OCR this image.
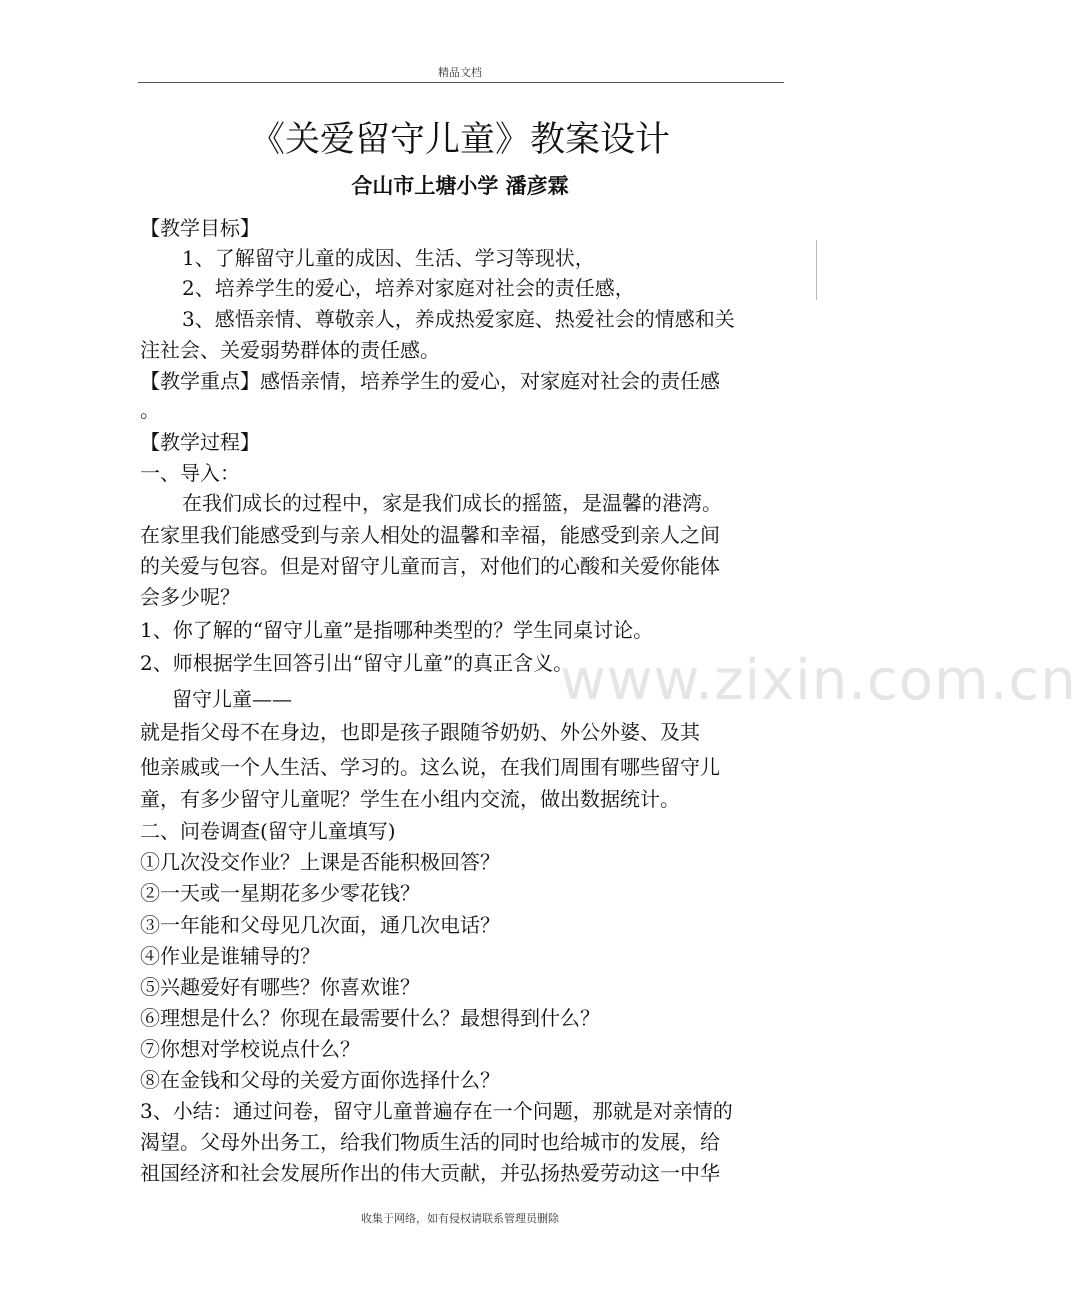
精品文档
《关爱留守儿童》教案设计
合山市上塘小学 潘彦霖
【教学目标】
1、了解留守儿童的成因、生活、学习等现状，
2、培养学生的爱心，培养对家庭对社会的责任感，
3、感悟亲情、尊敬亲人，养成热爱家庭、热爱社会的情感和关
注社会、关爱弱势群体的责任感。
【教学重点】感悟亲情，培养学生的爱心，对家庭对社会的责任感
。
【教学过程】
一、导入：
在我们成长的过程中，家是我们成长的摇篮，是温馨的港湾。
在家里我们能感受到与亲人相处的温馨和幸福，能感受到亲人之间
的关爱与包容。但是对留守儿童而言，对他们的心酸和关爱你能体
会多少呢？
1、你了解的“留守儿童”是指哪种类型的？学生同桌讨论。
2、师根据学生回答引出“留守儿童”的真正含义。
留守儿童——
就是指父母不在身边，也即是孩子跟随爷奶奶、外公外婆、及其
他亲戚或一个人生活、学习的。这么说，在我们周围有哪些留守儿
童，有多少留守儿童呢？学生在小组内交流，做出数据统计。
二、问卷调查(留守儿童填写)
①几次没交作业？上课是否能积极回答？
②一天或一星期花多少零花钱？
③一年能和父母见几次面，通几次电话？
④作业是谁辅导的？
⑤兴趣爱好有哪些？你喜欢谁？
⑥理想是什么？你现在最需要什么？最想得到什么？
⑦你想对学校说点什么？
⑧在金钱和父母的关爱方面你选择什么？
3、小结：通过问卷，留守儿童普遍存在一个问题，那就是对亲情的
渴望。父母外出务工，给我们物质生活的同时也给城市的发展，给
祖国经济和社会发展所作出的伟大贡献，并弘扬热爱劳动这一中华
www.zixin.com.cn
收集于网络，如有侵权请联系管理员删除
